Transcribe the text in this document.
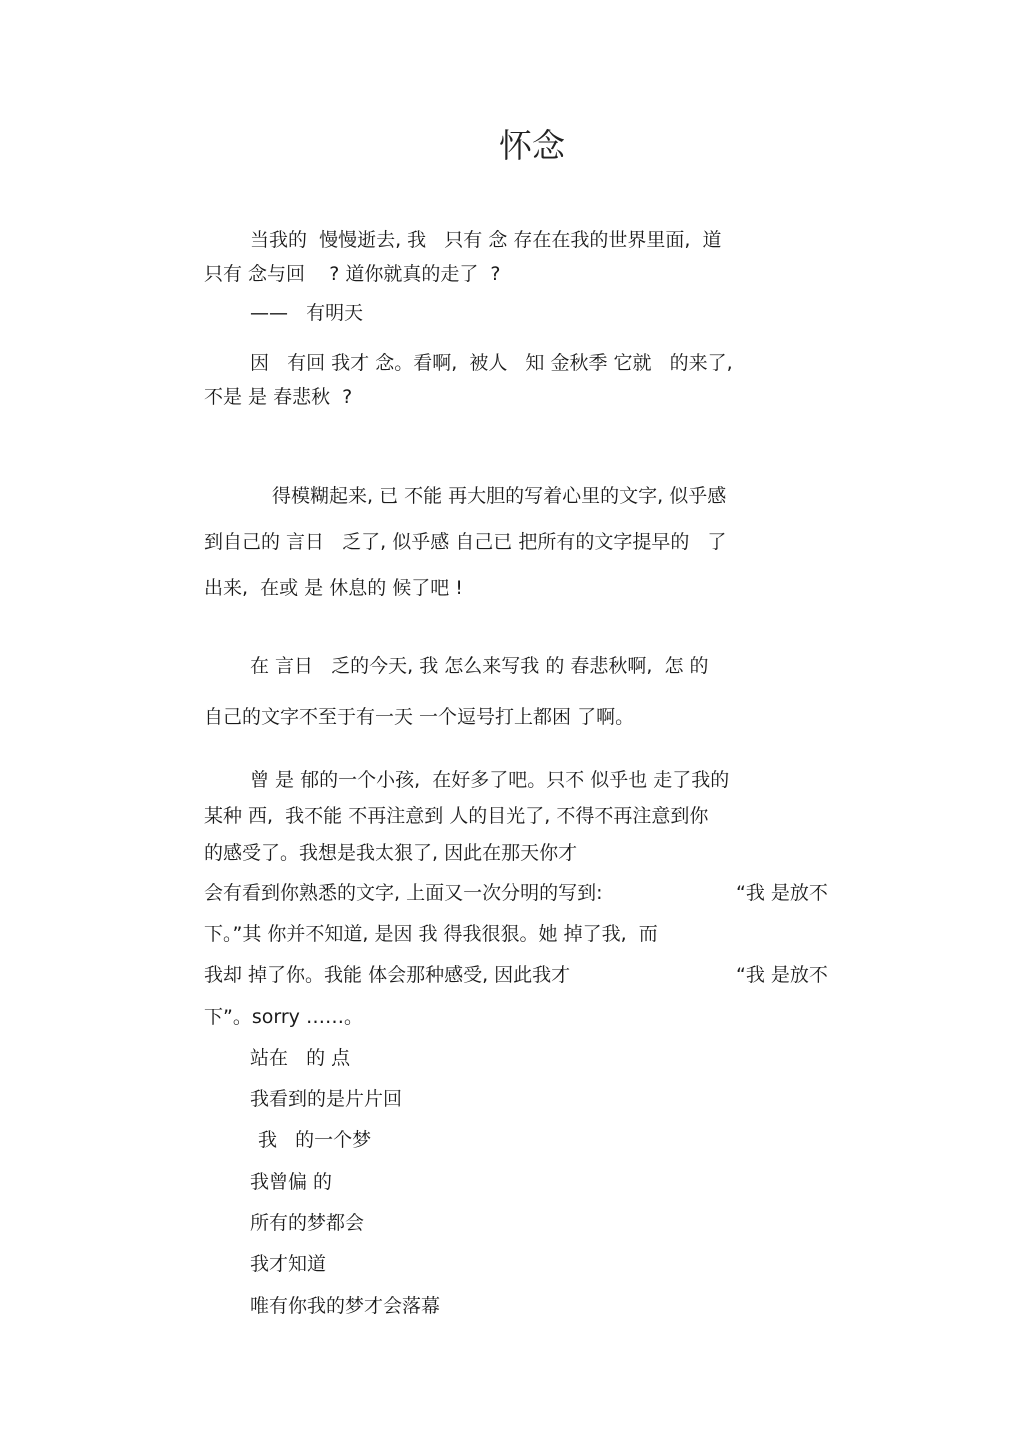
怀念
当我的  慢慢逝去, 我   只有 念 存在在我的世界里面,  道
只有 念与回    ? 道你就真的走了  ?
——   有明天
因   有回 我才 念。看啊,  被人   知 金秋季 它就   的来了,
不是 是 春悲秋  ?
得模糊起来, 已 不能 再大胆的写着心里的文字, 似乎感
到自己的 言日   乏了, 似乎感 自己已 把所有的文字提早的   了
出来,  在或 是 休息的 候了吧 !
在 言日   乏的今天, 我 怎么来写我 的 春悲秋啊,  怎 的
自己的文字不至于有一天 一个逗号打上都困 了啊。
曾 是 郁的一个小孩,  在好多了吧。只不 似乎也 走了我的
某种 西,  我不能 不再注意到 人的目光了, 不得不再注意到你
的感受了。我想是我太狠了, 因此在那天你才
会有看到你熟悉的文字, 上面又一次分明的写到:	“我 是放不
下。”其 你并不知道, 是因 我 得我很狠。她 掉了我,  而
我却 掉了你。我能 体会那种感受, 因此我才	“我 是放不
下”。sorry ……。
站在   的 点
我看到的是片片回
我   的一个梦
我曾偏 的
所有的梦都会
我才知道
唯有你我的梦才会落幕
